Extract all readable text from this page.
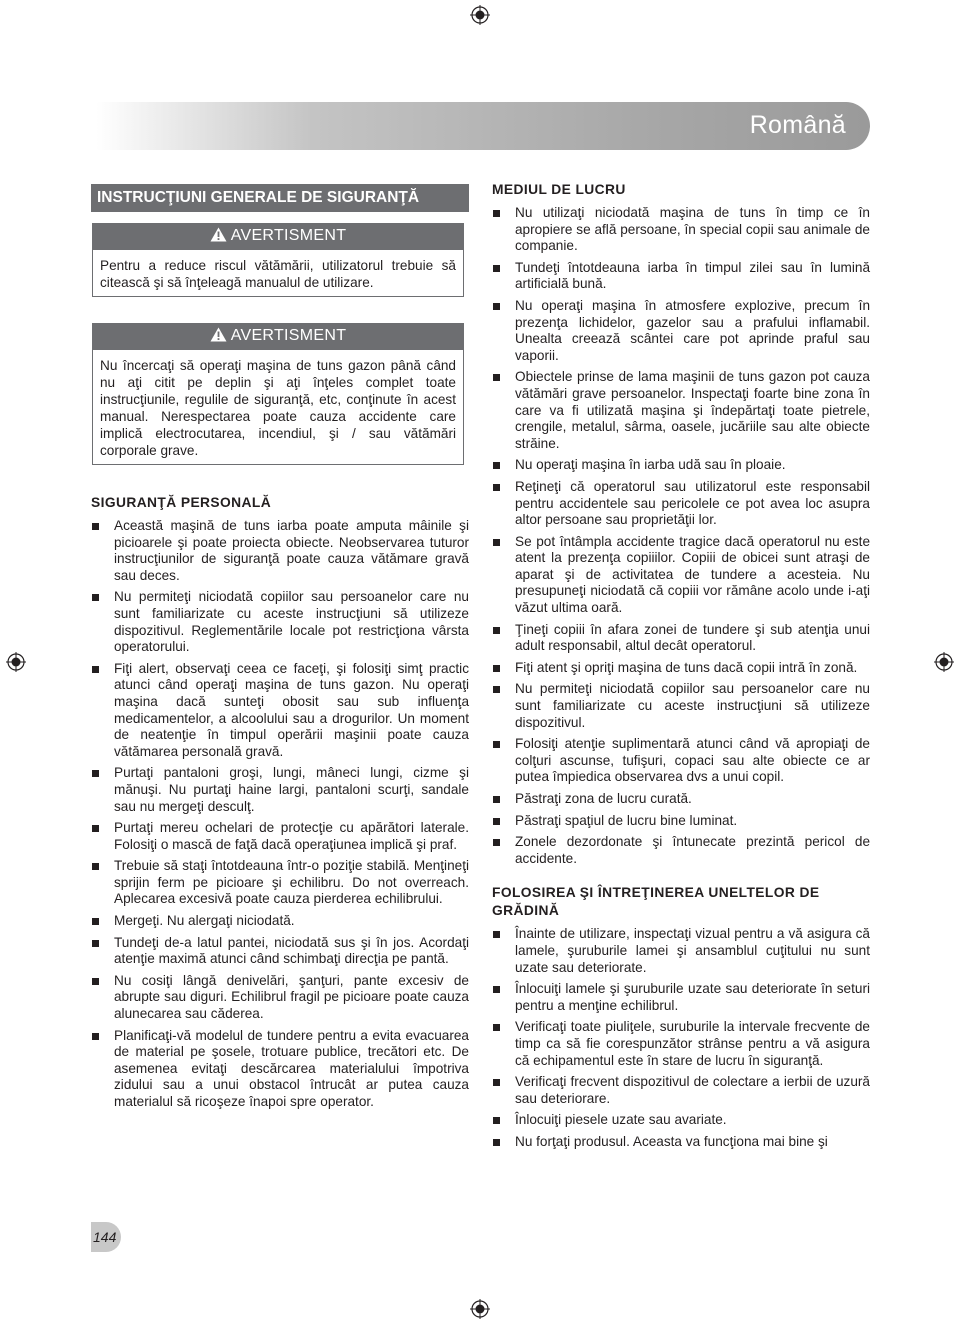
Română
INSTRUCŢIUNI GENERALE DE SIGURANŢĂ
AVERTISMENT
Pentru a reduce riscul vătămării, utilizatorul trebuie să citească şi să înţeleagă manualul de utilizare.
AVERTISMENT
Nu încercaţi să operaţi maşina de tuns gazon până când nu aţi citit pe deplin şi aţi înţeles complet toate instrucţiunile, regulile de siguranţă, etc, conţinute în acest manual. Nerespectarea poate cauza accidente care implică electrocutarea, incendiul, şi / sau vătămări corporale grave.
SIGURANŢĂ PERSONALĂ
Această maşină de tuns iarba poate amputa mâinile şi picioarele şi poate proiecta obiecte. Neobservarea tuturor instrucţiunilor de siguranţă poate cauza vătămare gravă sau deces.
Nu permiteţi niciodată copiilor sau persoanelor care nu sunt familiarizate cu aceste instrucţiuni să utilizeze dispozitivul. Reglementările locale pot restricţiona vârsta operatorului.
Fiţi alert, observaţi ceea ce faceţi, şi folosiţi simţ practic atunci când operaţi maşina de tuns gazon. Nu operaţi maşina dacă sunteţi obosit sau sub influenţa medicamentelor, a alcoolului sau a drogurilor. Un moment de neatenţie în timpul operării maşinii poate cauza vătămarea personală gravă.
Purtaţi pantaloni groşi, lungi, mâneci lungi, cizme şi mănuşi. Nu purtaţi haine largi, pantaloni scurţi, sandale sau nu mergeţi desculţ.
Purtaţi mereu ochelari de protecţie cu apărători laterale. Folosiţi o mască de faţă dacă operaţiunea implică şi praf.
Trebuie să staţi întotdeauna într-o poziţie stabilă. Menţineţi sprijin ferm pe picioare şi echilibru. Do not overreach. Aplecarea excesivă poate cauza pierderea echilibrului.
Mergeţi. Nu alergaţi niciodată.
Tundeţi de-a latul pantei, niciodată sus şi în jos. Acordaţi atenţie maximă atunci când schimbaţi direcţia pe pantă.
Nu cosiţi lângă denivelări, şanţuri, pante excesiv de abrupte sau diguri. Echilibrul fragil pe picioare poate cauza alunecarea sau căderea.
Planificaţi-vă modelul de tundere pentru a evita evacuarea de material pe şosele, trotuare publice, trecători etc. De asemenea evitaţi descărcarea materialului împotriva zidului sau a unui obstacol întrucât ar putea cauza materialul să ricoşeze înapoi spre operator.
MEDIUL DE LUCRU
Nu utilizaţi niciodată maşina de tuns în timp ce în apropiere se află persoane, în special copii sau animale de companie.
Tundeţi întotdeauna iarba în timpul zilei sau în lumină artificială bună.
Nu operaţi maşina în atmosfere explozive, precum în prezenţa lichidelor, gazelor sau a prafului inflamabil. Unealta creează scântei care pot aprinde praful sau vaporii.
Obiectele prinse de lama maşinii de tuns gazon pot cauza vătămări grave persoanelor. Inspectaţi foarte bine zona în care va fi utilizată maşina şi îndepărtaţi toate pietrele, crengile, metalul, sârma, oasele, jucăriile sau alte obiecte străine.
Nu operaţi maşina în iarba udă sau în ploaie.
Reţineţi că operatorul sau utilizatorul este responsabil pentru accidentele sau pericolele ce pot avea loc asupra altor persoane sau proprietăţii lor.
Se pot întâmpla accidente tragice dacă operatorul nu este atent la prezenţa copiiilor. Copiii de obicei sunt atraşi de aparat şi de activitatea de tundere a acesteia. Nu presupuneţi niciodată că copiii vor rămâne acolo unde i-aţi văzut ultima oară.
Ţineţi copiii în afara zonei de tundere şi sub atenţia unui adult responsabil, altul decât operatorul.
Fiţi atent şi opriţi maşina de tuns dacă copii intră în zonă.
Nu permiteţi niciodată copiilor sau persoanelor care nu sunt familiarizate cu aceste instrucţiuni să utilizeze dispozitivul.
Folosiţi atenţie suplimentară atunci când vă apropiaţi de colţuri ascunse, tufişuri, copaci sau alte obiecte ce ar putea împiedica observarea dvs a unui copil.
Păstraţi zona de lucru curată.
Păstraţi spaţiul de lucru bine luminat.
Zonele dezordonate şi întunecate prezintă pericol de accidente.
FOLOSIREA ŞI ÎNTREŢINEREA UNELTELOR DE GRĂDINĂ
Înainte de utilizare, inspectaţi vizual pentru a vă asigura că lamele, şuruburile lamei şi ansamblul cuţitului nu sunt uzate sau deteriorate.
Înlocuiţi lamele şi şuruburile uzate sau deteriorate în seturi pentru a menţine echilibrul.
Verificaţi toate piuliţele, suruburile la intervale frecvente de timp ca să fie corespunzător strânse pentru a vă asigura că echipamentul este în stare de lucru în siguranţă.
Verificaţi frecvent dispozitivul de colectare a ierbii de uzură sau deteriorare.
Înlocuiţi piesele uzate sau avariate.
Nu forţaţi produsul. Aceasta va funcţiona mai bine şi
144
